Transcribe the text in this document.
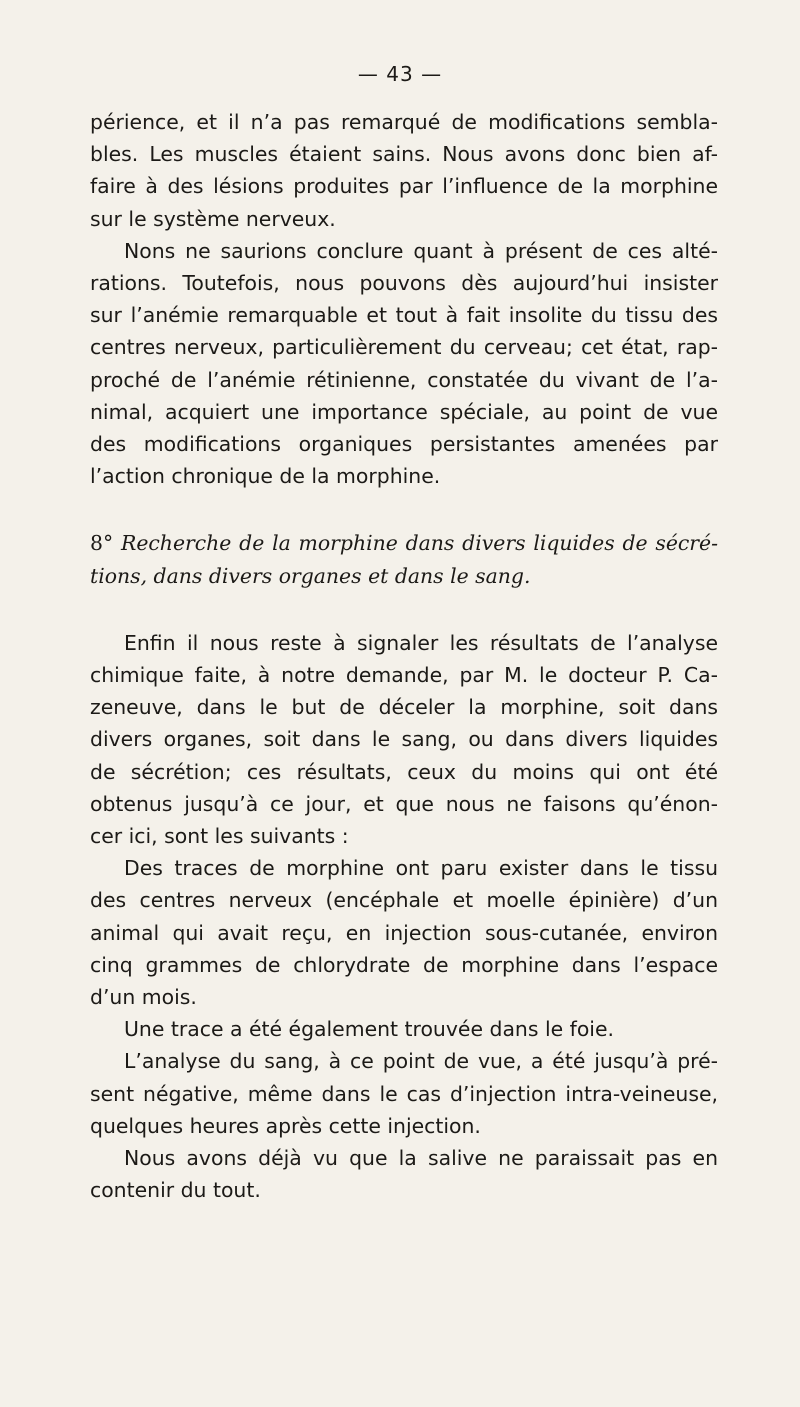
— 43 —

périence, et il n’a pas remarqué de modifications sembla-
bles. Les muscles étaient sains. Nous avons donc bien af-
faire à des lésions produites par l’influence de la morphine
sur le système nerveux.

Nons ne saurions conclure quant à présent de ces alté-
rations. Toutefois, nous pouvons dès aujourd’hui insister
sur l’anémie remarquable et tout à fait insolite du tissu des
centres nerveux, particulièrement du cerveau; cet état, rap-
proché de l’anémie rétinienne, constatée du vivant de l’a-
nimal, acquiert une importance spéciale, au point de vue
des modifications organiques persistantes amenées par
l’action chronique de la morphine.

8° Recherche de la morphine dans divers liquides de sécré-
tions, dans divers organes et dans le sang.

Enfin il nous reste à signaler les résultats de l’analyse
chimique faite, à notre demande, par M. le docteur P. Ca-
zeneuve, dans le but de déceler la morphine, soit dans
divers organes, soit dans le sang, ou dans divers liquides
de sécrétion; ces résultats, ceux du moins qui ont été
obtenus jusqu’à ce jour, et que nous ne faisons qu’énon-
cer ici, sont les suivants :

Des traces de morphine ont paru exister dans le tissu
des centres nerveux (encéphale et moelle épinière) d’un
animal qui avait reçu, en injection sous-cutanée, environ
cinq grammes de chlorydrate de morphine dans l’espace
d’un mois.

Une trace a été également trouvée dans le foie.

L’analyse du sang, à ce point de vue, a été jusqu’à pré-
sent négative, même dans le cas d’injection intra-veineuse,
quelques heures après cette injection.

Nous avons déjà vu que la salive ne paraissait pas en
contenir du tout.
